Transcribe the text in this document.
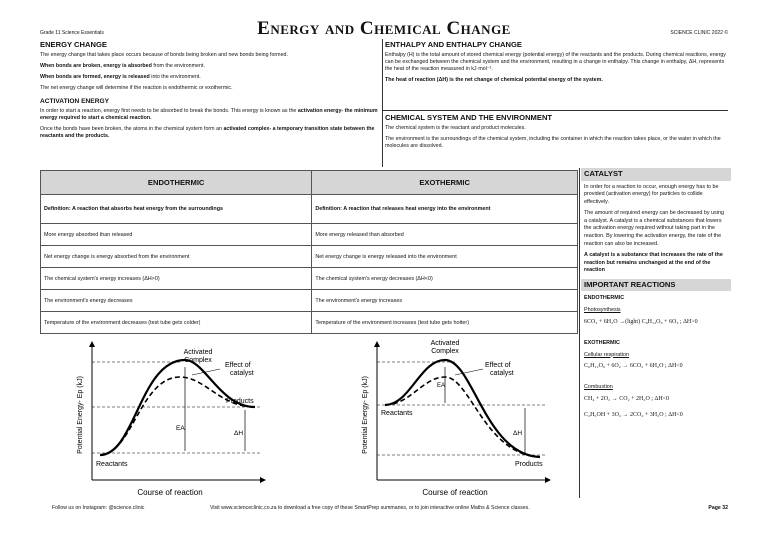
Grade 11 Science Essentials	Energy and Chemical Change	SCIENCE CLINIC 2022 ©
ENERGY CHANGE

The energy change that takes place occurs because of bonds being broken and new bonds being formed.

When bonds are broken, energy is absorbed from the environment.

When bonds are formed, energy is released into the environment.

The net energy change will determine if the reaction is endothermic or exothermic.

ACTIVATION ENERGY

In order to start a reaction, energy first needs to be absorbed to break the bonds. This energy is known as the activation energy- the minimum energy required to start a chemical reaction.

Once the bonds have been broken, the atoms in the chemical system form an activated complex- a temporary transition state between the reactants and the products.

ENTHALPY AND ENTHALPY CHANGE

Enthalpy (H) is the total amount of stored chemical energy (potential energy) of the reactants and the products. During chemical reactions, energy can be exchanged between the chemical system and the environment, resulting in a change in enthalpy. This change in enthalpy, ΔH, represents the heat of the reaction measured in kJ·mol⁻¹.

The heat of reaction (ΔH) is the net change of chemical potential energy of the system.

CHEMICAL SYSTEM AND THE ENVIRONMENT

The chemical system is the reactant and product molecules.

The environment is the surroundings of the chemical system, including the container in which the reaction takes place, or the water in which the molecules are dissolved.

ENDOTHERMIC	EXOTHERMIC
Definition: A reaction that absorbs heat energy from the surroundings	Definition: A reaction that releases heat energy into the environment
More energy absorbed than released	More energy released than absorbed
Net energy change is energy absorbed from the environment	Net energy change is energy released into the environment
The chemical system's energy increases (ΔH>0)	The chemical system's energy decreases (ΔH<0)
The environment's energy decreases	The environment's energy increases
Temperature of the environment decreases (test tube gets colder)	Temperature of the environment increases (test tube gets hotter)
Activated
Complex
Effect of
catalyst
Products
Reactants
EA
ΔH
Course of reaction
Potential Energy- Ep (kJ)
Activated
Complex
Effect of
catalyst
Reactants
Products
EA
ΔH
Course of reaction
Potential Energy- Ep (kJ)
CATALYST

In order for a reaction to occur, enough energy has to be provided (activation energy) for particles to collide effectively.

The amount of required energy can be decreased by using a catalyst. A catalyst is a chemical substances that lowers the activation energy required without taking part in the reaction. By lowering the activation energy, the rate of the reaction can also be increased.

A catalyst is a substance that increases the rate of the reaction but remains unchanged at the end of the reaction

IMPORTANT REACTIONS
ENDOTHERMIC
Photosynthesis
6CO₂ + 6H₂O →(light) C₆H₁₂O₆ + 6O₂ ; ΔH>0
EXOTHERMIC
Cellular respiration
C₆H₁₂O₆ + 6O₂ → 6CO₂ + 6H₂O ; ΔH<0
Combustion
CH₄ + 2O₂ → CO₂ + 2H₂O ; ΔH<0
C₂H₅OH + 3O₂ → 2CO₂ + 3H₂O ; ΔH<0
Follow us on Instagram: @science.clinic	Visit www.scienceclinic.co.za to download a free copy of these SmartPrep summaries, or to join interactive online Maths & Science classes.	Page 32
